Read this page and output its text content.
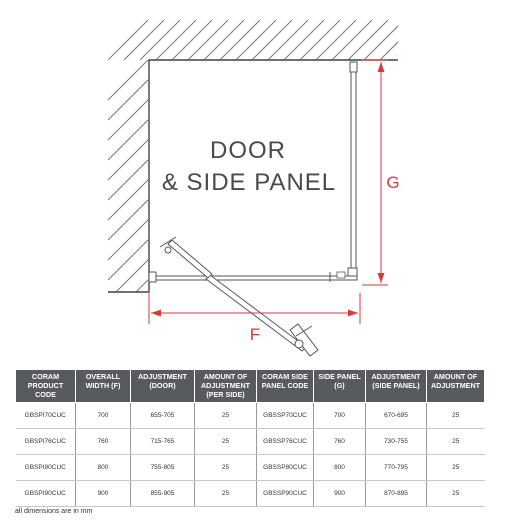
DOOR
& SIDE PANEL	G
F
CORAM PRODUCT CODE	OVERALL WIDTH (F)	ADJUSTMENT (DOOR)	AMOUNT OF ADJUSTMENT (PER SIDE)	CORAM SIDE PANEL CODE	SIDE PANEL (G)	ADJUSTMENT (SIDE PANEL)	AMOUNT OF ADJUSTMENT
GBSPI70CUC	700	655-705	25	GBSSP70CUC	700	670-695	25
GBSPI76CUC	760	715-765	25	GBSSP76CUC	760	730-755	25
GBSPI80CUC	800	755-805	25	GBSSP80CUC	800	770-795	25
GBSPI90CUC	900	855-905	25	GBSSP90CUC	900	870-895	25
all dimensions are in mm
